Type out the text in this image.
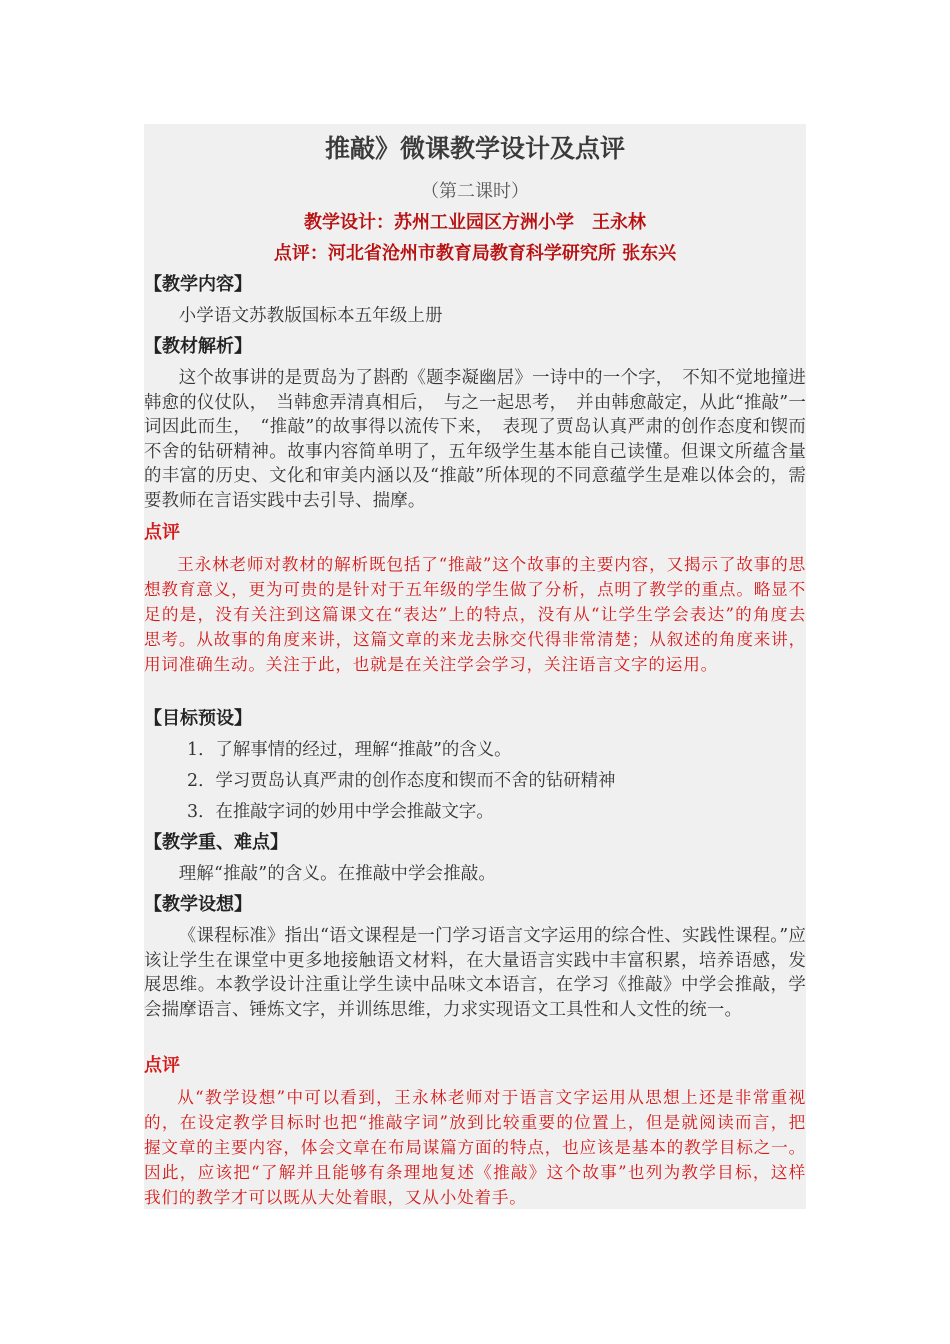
推敲》微课教学设计及点评
（第二课时）
教学设计：苏州工业园区方洲小学　王永林
点评：河北省沧州市教育局教育科学研究所 张东兴
【教学内容】
小学语文苏教版国标本五年级上册
【教材解析】
这个故事讲的是贾岛为了斟酌《题李凝幽居》一诗中的一个字，　不知不觉地撞进韩愈的仪仗队，　当韩愈弄清真相后，　与之一起思考，　并由韩愈敲定，从此“推敲”一词因此而生，　“推敲”的故事得以流传下来，　表现了贾岛认真严肃的创作态度和锲而不舍的钻研精神。故事内容简单明了，五年级学生基本能自己读懂。但课文所蕴含量的丰富的历史、文化和审美内涵以及“推敲”所体现的不同意蕴学生是难以体会的，需要教师在言语实践中去引导、揣摩。
点评
王永林老师对教材的解析既包括了“推敲”这个故事的主要内容，又揭示了故事的思想教育意义，更为可贵的是针对于五年级的学生做了分析，点明了教学的重点。略显不足的是，没有关注到这篇课文在“表达”上的特点，没有从“让学生学会表达”的角度去思考。从故事的角度来讲，这篇文章的来龙去脉交代得非常清楚；从叙述的角度来讲，用词准确生动。关注于此，也就是在关注学会学习，关注语言文字的运用。
【目标预设】
1．了解事情的经过，理解“推敲”的含义。
2．学习贾岛认真严肃的创作态度和锲而不舍的钻研精神
3．在推敲字词的妙用中学会推敲文字。
【教学重、难点】
理解“推敲”的含义。在推敲中学会推敲。
【教学设想】
《课程标准》指出“语文课程是一门学习语言文字运用的综合性、实践性课程。”应该让学生在课堂中更多地接触语文材料，在大量语言实践中丰富积累，培养语感，发展思维。本教学设计注重让学生读中品味文本语言，在学习《推敲》中学会推敲，学会揣摩语言、锤炼文字，并训练思维，力求实现语文工具性和人文性的统一。
点评
从“教学设想”中可以看到，王永林老师对于语言文字运用从思想上还是非常重视的，在设定教学目标时也把“推敲字词”放到比较重要的位置上，但是就阅读而言，把握文章的主要内容，体会文章在布局谋篇方面的特点，也应该是基本的教学目标之一。因此，应该把“了解并且能够有条理地复述《推敲》这个故事”也列为教学目标，这样我们的教学才可以既从大处着眼，又从小处着手。
